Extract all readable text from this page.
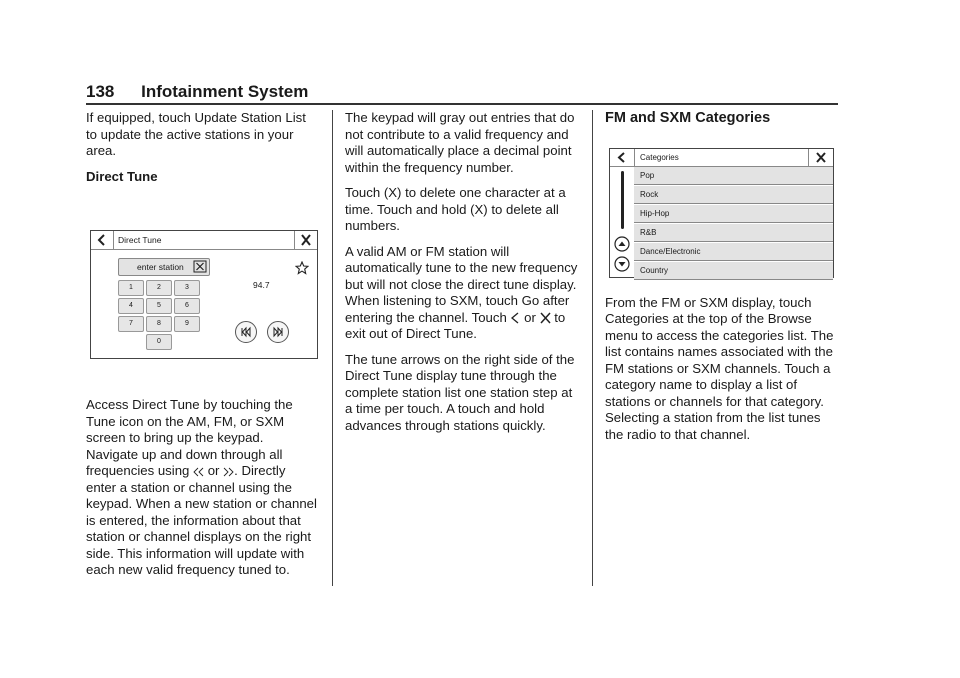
138 Infotainment System

If equipped, touch Update Station List to update the active stations in your area.

Direct Tune

Access Direct Tune by touching the Tune icon on the AM, FM, or SXM screen to bring up the keypad. Navigate up and down through all frequencies using or . Directly enter a station or channel using the keypad. When a new station or channel is entered, the information about that station or channel displays on the right side. This information will update with each new valid frequency tuned to.

Direct Tune
enter station
1	2	3
4	5	6
7	8	9
0
94.7

The keypad will gray out entries that do not contribute to a valid frequency and will automatically place a decimal point within the frequency number.

Touch (X) to delete one character at a time. Touch and hold (X) to delete all numbers.

A valid AM or FM station will automatically tune to the new frequency but will not close the direct tune display. When listening to SXM, touch Go after entering the channel. Touch or to exit out of Direct Tune.

The tune arrows on the right side of the Direct Tune display tune through the complete station list one station step at a time per touch. A touch and hold advances through stations quickly.

FM and SXM Categories

From the FM or SXM display, touch Categories at the top of the Browse menu to access the categories list. The list contains names associated with the FM stations or SXM channels. Touch a category name to display a list of stations or channels for that category. Selecting a station from the list tunes the radio to that channel.

Categories
Pop
Rock
Hip-Hop
R&B
Dance/Electronic
Country
